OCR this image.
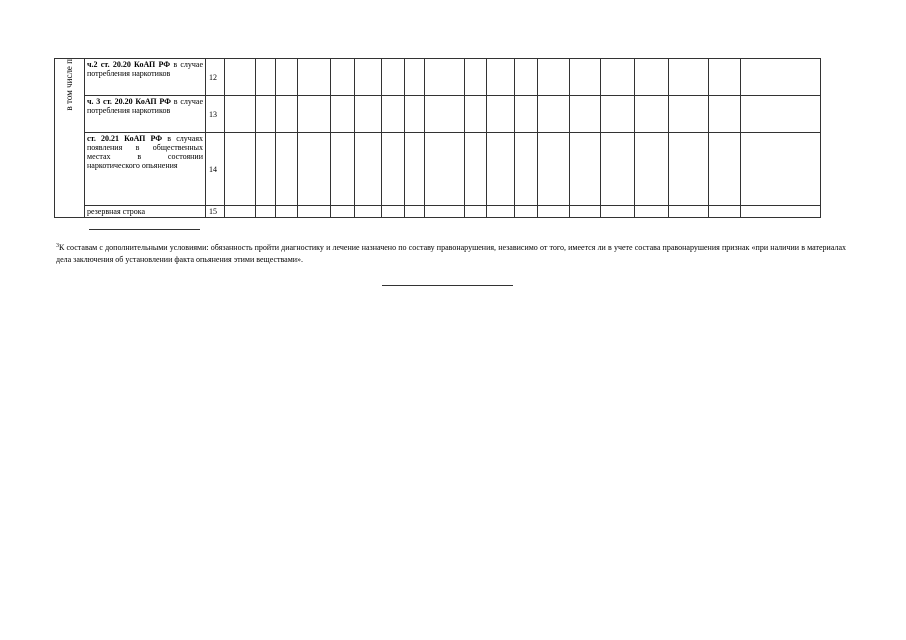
в том числе п	ч.2 ст. 20.20 КоАП РФ в случае потребления наркотиков	12																			

	ч. 3 ст. 20.20 КоАП РФ в случае потребления наркотиков	13																			

	ст. 20.21 КоАП РФ в случаях появления в общественных местах в состоянии наркотического опьянения	14																			

	резервная строка	15																			
$^3$К составам с дополнительными условиями: обязанность пройти диагностику и лечение назначено по составу правонарушения, независимо от того, имеется ли в учете состава правонарушения признак «при наличии в материалах дела заключения об установлении факта опьянения этими веществами».
